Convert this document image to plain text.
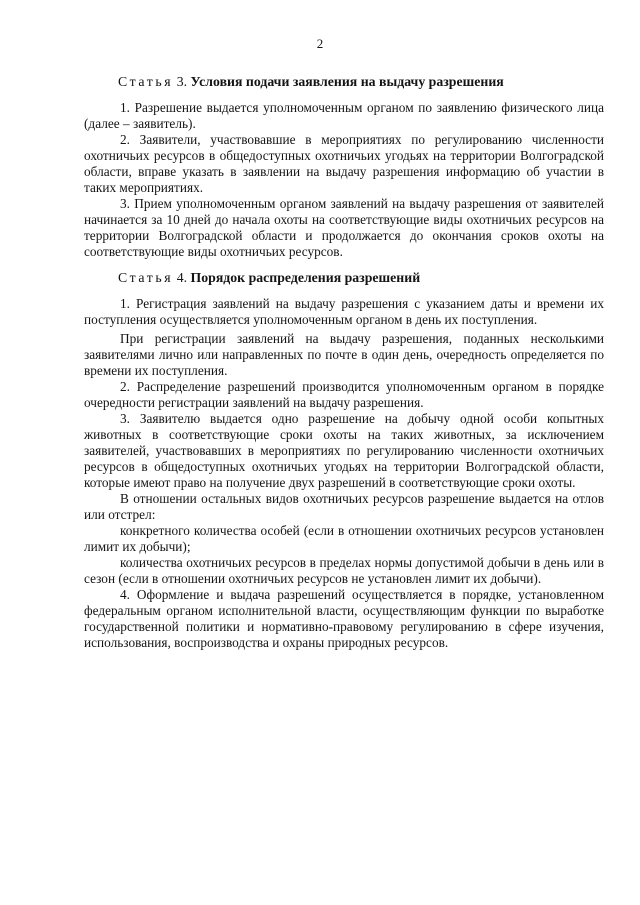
2
Статья 3. Условия подачи заявления на выдачу разрешения

1. Разрешение выдается уполномоченным органом по заявлению физического лица (далее – заявитель).

2. Заявители, участвовавшие в мероприятиях по регулированию численности охотничьих ресурсов в общедоступных охотничьих угодьях на территории Волгоградской области, вправе указать в заявлении на выдачу разрешения информацию об участии в таких мероприятиях.

3. Прием уполномоченным органом заявлений на выдачу разрешения от заявителей начинается за 10 дней до начала охоты на соответствующие виды охотничьих ресурсов на территории Волгоградской области и продолжается до окончания сроков охоты на соответствующие виды охотничьих ресурсов.

Статья 4. Порядок распределения разрешений

1. Регистрация заявлений на выдачу разрешения с указанием даты и времени их поступления осуществляется уполномоченным органом в день их поступления.

При регистрации заявлений на выдачу разрешения, поданных несколькими заявителями лично или направленных по почте в один день, очередность определяется по времени их поступления.

2. Распределение разрешений производится уполномоченным органом в порядке очередности регистрации заявлений на выдачу разрешения.

3. Заявителю выдается одно разрешение на добычу одной особи копытных животных в соответствующие сроки охоты на таких животных, за исключением заявителей, участвовавших в мероприятиях по регулированию численности охотничьих ресурсов в общедоступных охотничьих угодьях на территории Волгоградской области, которые имеют право на получение двух разрешений в соответствующие сроки охоты.

В отношении остальных видов охотничьих ресурсов разрешение выдается на отлов или отстрел:

конкретного количества особей (если в отношении охотничьих ресурсов установлен лимит их добычи);

количества охотничьих ресурсов в пределах нормы допустимой добычи в день или в сезон (если в отношении охотничьих ресурсов не установлен лимит их добычи).

4. Оформление и выдача разрешений осуществляется в порядке, установленном федеральным органом исполнительной власти, осуществляющим функции по выработке государственной политики и нормативно-правовому регулированию в сфере изучения, использования, воспроизводства и охраны природных ресурсов.
